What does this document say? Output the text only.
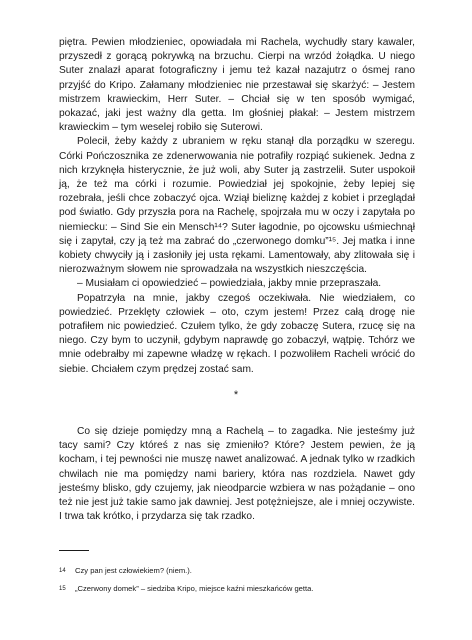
piętra. Pewien młodzieniec, opowiadała mi Rachela, wychudły stary kawaler, przyszedł z gorącą pokrywką na brzuchu. Cierpi na wrzód żołądka. U niego Suter znalazł aparat fotograficzny i jemu też kazał nazajutrz o ósmej rano przyjść do Kripo. Załamany młodzieniec nie przestawał się skarżyć: – Jestem mistrzem krawieckim, Herr Suter. – Chciał się w ten sposób wymigać, pokazać, jaki jest ważny dla getta. Im głośniej płakał: – Jestem mistrzem krawieckim – tym weselej robiło się Suterowi.

Polecił, żeby każdy z ubraniem w ręku stanął dla porządku w szeregu. Córki Pończosznika ze zdenerwowania nie potrafiły rozpiąć sukienek. Jedna z nich krzyknęła histerycznie, że już woli, aby Suter ją zastrzelił. Suter uspokoił ją, że też ma córki i rozumie. Powiedział jej spokojnie, żeby lepiej się rozebrała, jeśli chce zobaczyć ojca. Wziął bieliznę każdej z kobiet i przeglądał pod światło. Gdy przyszła pora na Rachelę, spojrzała mu w oczy i zapytała po niemiecku: – Sind Sie ein Mensch¹⁴? Suter łagodnie, po ojcowsku uśmiechnął się i zapytał, czy ją też ma zabrać do „czerwonego domku”¹⁵. Jej matka i inne kobiety chwyciły ją i zasłoniły jej usta rękami. Lamentowały, aby zlitowała się i nierozważnym słowem nie sprowadzała na wszystkich nieszczęścia.

– Musiałam ci opowiedzieć – powiedziała, jakby mnie przepraszała.

Popatrzyła na mnie, jakby czegoś oczekiwała. Nie wiedziałem, co powiedzieć. Przeklęty człowiek – oto, czym jestem! Przez całą drogę nie potrafiłem nic powiedzieć. Czułem tylko, że gdy zobaczę Sutera, rzucę się na niego. Czy bym to uczynił, gdybym naprawdę go zobaczył, wątpię. Tchórz we mnie odebrałby mi zapewne władzę w rękach. I pozwoliłem Racheli wrócić do siebie. Chciałem czym prędzej zostać sam.

*

Co się dzieje pomiędzy mną a Rachelą – to zagadka. Nie jesteśmy już tacy sami? Czy któreś z nas się zmieniło? Które? Jestem pewien, że ją kocham, i tej pewności nie muszę nawet analizować. A jednak tylko w rzadkich chwilach nie ma pomiędzy nami bariery, która nas rozdziela. Nawet gdy jesteśmy blisko, gdy czujemy, jak nieodparcie wzbiera w nas pożądanie – ono też nie jest już takie samo jak dawniej. Jest potężniejsze, ale i mniej oczywiste. I trwa tak krótko, i przydarza się tak rzadko.

14	Czy pan jest człowiekiem? (niem.).
15	„Czerwony domek” – siedziba Kripo, miejsce kaźni mieszkańców getta.
